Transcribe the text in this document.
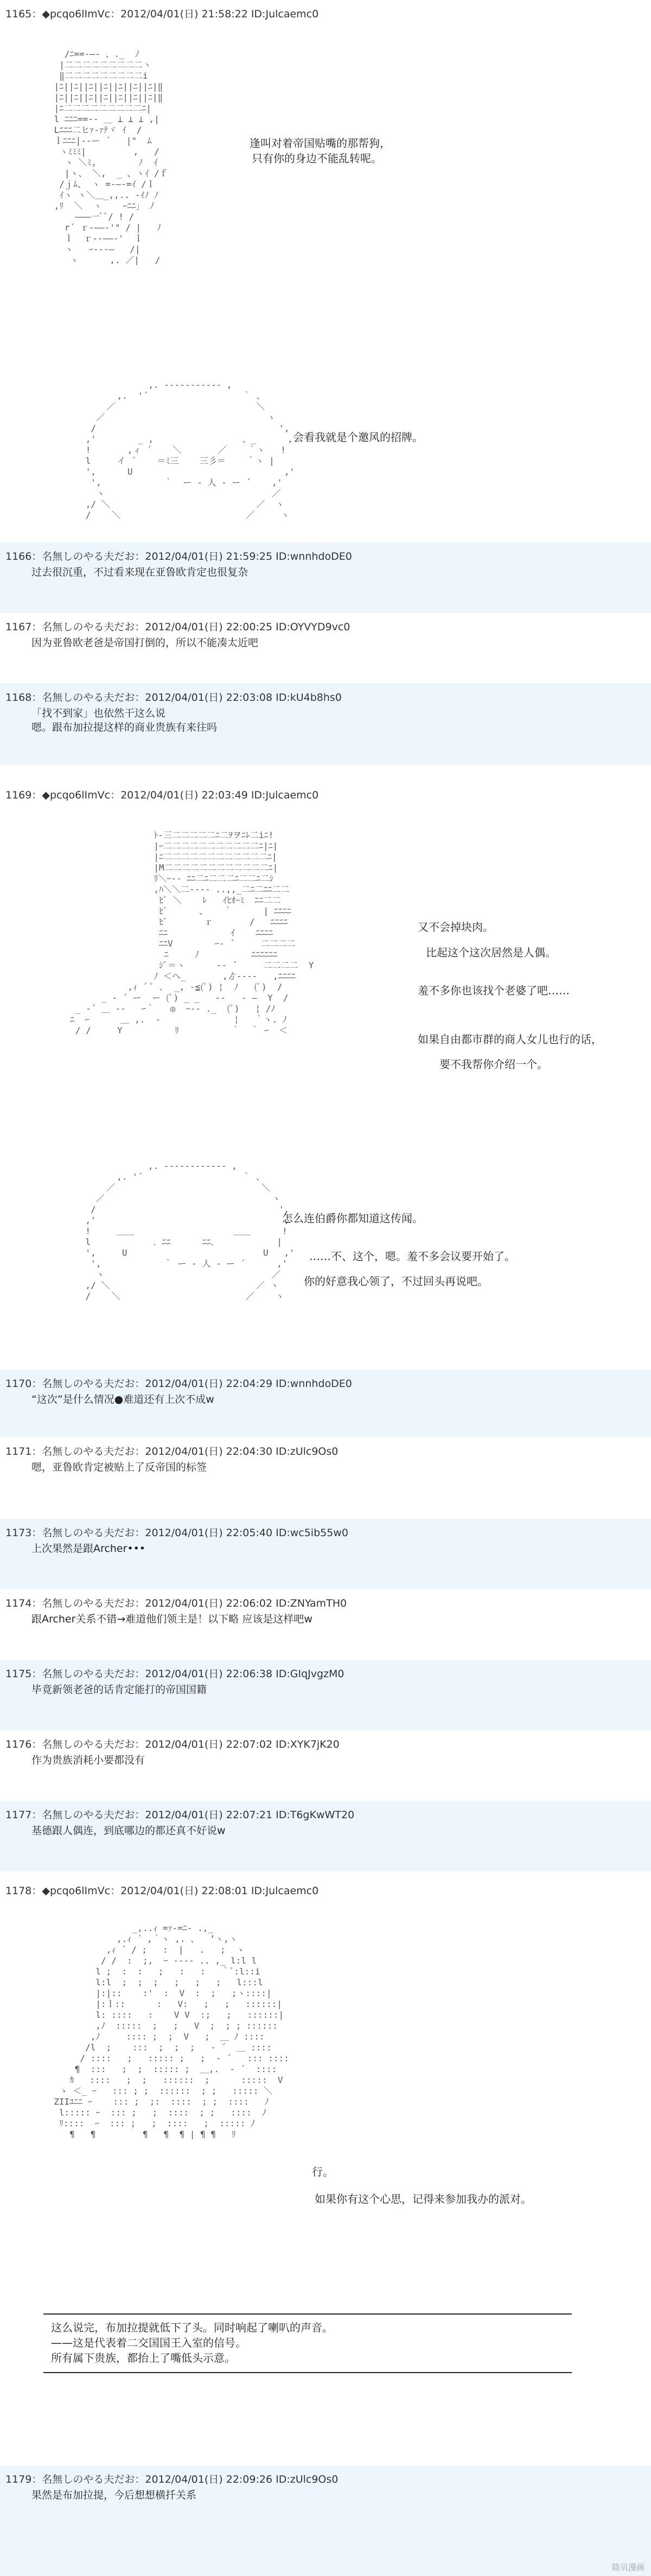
1165：◆pcqo6lImVc：2012/04/01(日) 21:58:22 ID:Julcaemc0
/ﾆ==‐―- 、._  ﾉ
|二二二二二二二二二ヽ
‖二二二二二二二二二i
|ﾆ||ﾆ||ﾆ||ﾆ||ﾆ||ﾆ||ﾆ|‖
|ﾆ||ﾆ||ﾆ||ﾆ||ﾆ||ﾆ||ﾆ|‖
|ﾆ二二二二二二二二二ﾆ|
l ﾆﾆﾆ==‐- ＿ ⊥ ⊥ ⊥ ,|
Lﾆﾆﾆ二ヒｧ‐ｧﾃヾ ｲ  /
ｌﾆﾆﾆ|-‐ー ´   |"  ﾑ
ヽﾐﾐﾐ|         ,   /
ヽ ＼ﾐ,        ﾉ  ｲ
|ヽ、 ＼,  _ 、ヽｲ /ｆ
/ｊﾑ、 ヽ =‐―‐=ｲ /ｌ
ｲヽ ヽ＼＿_,,.. -ｲﾉ ﾉ
,ﾘ  ＼  ヽ    ｰﾆﾆ」 ﾉ
―――一ﾞﾞ/ ! /
r´ ｒ‐――‐'" / |   ﾉ
ｌ  ｒ‐‐――‐'  ｌ
ヽ   ｰ‐‐-―   /|
ヽ      ,. ／|   /
逢叫对着帝国贴嘴的那帮狗，
只有你的身边不能乱转呢。
,. ----------- ,
,.  '´                  ｀ 、
／                           ＼
／                               ヽ
/                                   ',
,'        _ ,                 、_      ,
!       ,ィ ´    ＼       ／    ｀ヽ   !
l     イ ´    ＝ﾐ三    三彡＝    ｀ヽ |
',      U                             ,'
',            ｀  ー ‐ 人 ‐ ー ´    ,'
ヽ                                ／
,/ ＼                            ／  ヽ
/    ＼                        ／     ヽ
会看我就是个邀风的招牌。
1166：名無しのやる夫だお：2012/04/01(日) 21:59:25 ID:wnnhdoDE0
过去很沉重，不过看来现在亚鲁欧肯定也很复杂
1167：名無しのやる夫だお：2012/04/01(日) 22:00:25 ID:OYVYD9vc0
因为亚鲁欧老爸是帝国打倒的，所以不能凑太近吧
1168：名無しのやる夫だお：2012/04/01(日) 22:03:08 ID:kU4b8hs0
「找不到家」也依然干这么说
嗯。跟布加拉提这样的商业贵族有来往吗
1169：◆pcqo6lImVc：2012/04/01(日) 22:03:49 ID:Julcaemc0
ﾄ‐三二二二二二ﾆ二ｦヲﾆﾚ二iﾆ!
|ｰ二二二二二二二二二二二ﾆ|ﾆ|
|ﾆ二二二二二二二二二二二二ﾆ|
|M二二二二二二二二二二二二ﾆ|
ﾘ＼ｰ‐‐ ﾆﾆ二ﾆ二二二ﾆ二二ﾆ二ｼ
,ﾊ＼＼二‐‐-- ..,,_二ﾆ二ﾆﾆ二二
ﾋﾞ ＼    ﾚ   ｲﾋｵｰﾐ  ﾆﾆ二二
ﾋﾞ      、   ｀      | ﾆﾆﾆﾆ
ﾋﾞ       ｒ       /   ﾆﾆﾆﾆ
ﾆﾆ            ｲ    ﾆﾆﾆﾆ
ﾆﾆV        ｰ‐ ´     二二二二
ﾆ     ﾉ          ﾆﾆﾆﾆﾆﾆ
ｼﾞ＝ヽ      ‐‐ ´     二二二二  Y
ﾉ ＜へ_       ,ゟ--‐‐   ,ﾆﾆﾆﾆ
,ｨ ´ ﾟ ､  _, ‐≦(ﾟ) ¦  ﾉ   (ﾟ)  /
_ ‐ ´ ー  ー (ﾟ) _ _   -‐   ‐ ―  Y  /
_ ‐´ ＿ ‐‐   ｰ｀   ◎  ｰ‐- ._  (ﾟ)   ¦ /ﾉ
ﾆ  ｰ      ＿ ,.  ‐              ¦   ｀ヽ. ﾉ
/ /     Y          ﾘ          ｀  ｀ ｰ  ＜
又不会掉块肉。
比起这个这次居然是人偶。
羞不多你也该找个老婆了吧……
如果自由都市群的商人女儿也行的话，
要不我帮你介绍一个。
,. ------------ ,
,. '´                   ｀ 、
／                            ＼
／                                ヽ
/                                   ',
,'                                    ,
!     ＿＿                   ＿＿      !
l            ．ﾆﾆ      ﾆﾆ．           |
',     U                          U   ,'
',            ｀ ー ‐ 人 ‐ ー ´      ,'
ヽ                                ／
,/ ＼                            ／ ヽ
/    ＼                        ／    ヽ
怎么连伯爵你都知道这传闻。
……不、这个，嗯。羞不多会议要开始了。
你的好意我心领了，不过回头再说吧。
1170：名無しのやる夫だお：2012/04/01(日) 22:04:29 ID:wnnhdoDE0
“这次”是什么情况●难道还有上次不成w
1171：名無しのやる夫だお：2012/04/01(日) 22:04:30 ID:zUlc9Os0
嗯，亚鲁欧肯定被贴上了反帝国的标签
1173：名無しのやる夫だお：2012/04/01(日) 22:05:40 ID:wc5ib55w0
上次果然是跟Archer•••
1174：名無しのやる夫だお：2012/04/01(日) 22:06:02 ID:ZNYamTH0
跟Archer关系不错→难道他们领主是！以下略 应该是这样吧w
1175：名無しのやる夫だお：2012/04/01(日) 22:06:38 ID:GIqJvgzM0
毕竟新领老爸的话肯定能打的帝国国籍
1176：名無しのやる夫だお：2012/04/01(日) 22:07:02 ID:XYK7jK20
作为贵族消耗小要都没有
1177：名無しのやる夫だお：2012/04/01(日) 22:07:21 ID:T6gKwWT20
基德跟人偶连，到底哪边的都还真不好说w
1178：◆pcqo6lImVc：2012/04/01(日) 22:08:01 ID:Julcaemc0
_,..ｨ =ｧ‐=ﾆ‐ .,_
,.ｨ ´ ,｀ヽ ,. 、  ’ヽ,ヽ
,ｨ ´ / ;   :  |   .   ;  ヽ
/ /  :  ;,  ｰ ‐--- .. ,_ l:l l
l ;  :  :   ;   :   :   ｀ﾞ:l::i
l:l  ;  ;  ;   ;   ;   ;   l:::l
|:|::    :'  :  V  :  ;   ;ヽ::::|
|:ｌ::      :   V:   ;   ;   ::::::|
l: ::::   :    V V  :;   ;   ::::::|
,ﾉ  :::::  ;   ;   V  ;  ; ; ::::::
,ﾉ     :::: ;  ;  V   ;  ＿ ﾉ ::::
/l  ;    :::  ;  ;  ;   ‐ ´  ＿ ::::
/ ::::   ;   ::::: ;   ;  ‐ ´   ::: ::::
¶  :::   ;  ;  ::::: ;  ＿,.  ‐ ´  ::::
ｶ   ::::   ;  ;   ::::::  ;      :::::  V
ゝ ＜_ ｰ   ::: ; ;  ::::::  ; ;   ::::: ＼
ZIIﾕﾆﾆ ｰ    ::: ;  ;:  ::::  ; ;  ::::   ﾉ
l::::: ｰ  ::: ;   ;  ::::  ; ;   ::::  ﾉ
ﾘ::::  ｰ  ::: ;   ;  ::::   ;  ::::: ﾉ
¶   ¶         ¶   ¶  ¶ | ¶ ¶   ﾘ
行。
如果你有这个心思，记得来参加我办的派对。
这么说完，布加拉提就低下了头。同时响起了喇叭的声音。
——这是代表着二交国国王入室的信号。
所有属下贵族，都抬上了嘴低头示意。
1179：名無しのやる夫だお：2012/04/01(日) 22:09:26 ID:zUlc9Os0
果然是布加拉提，今后想想横扦关系
陰贝漫画
